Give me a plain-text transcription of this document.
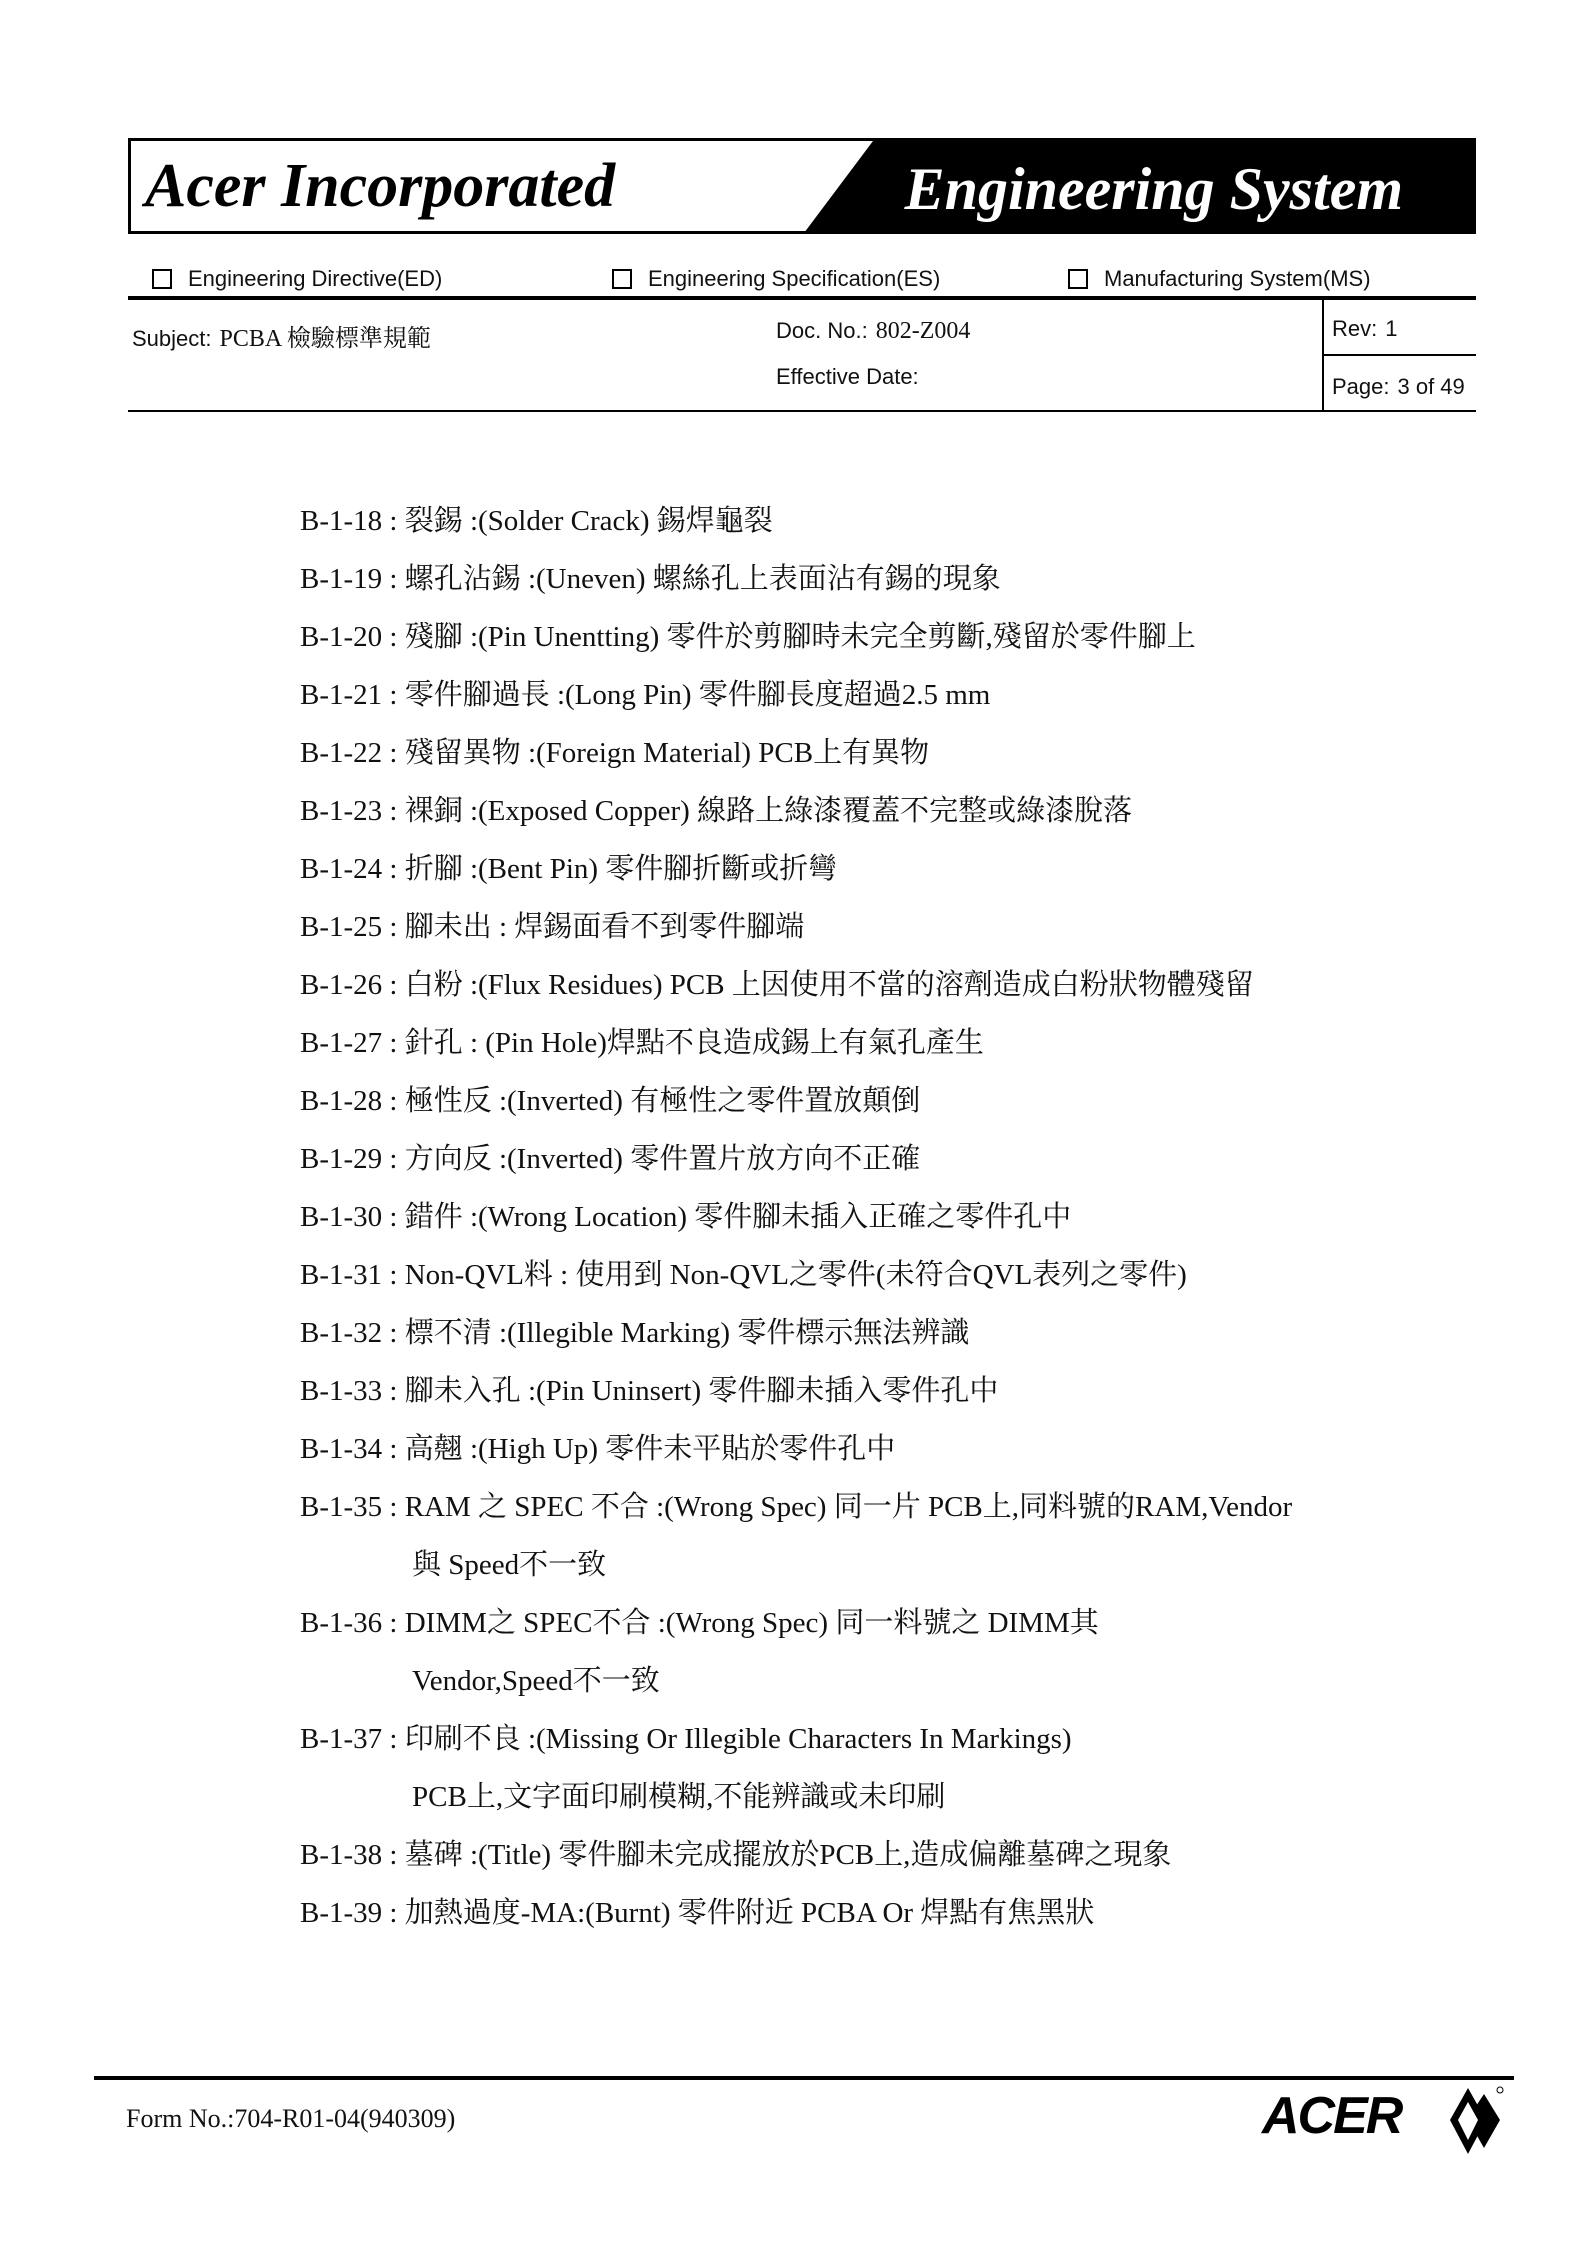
Acer Incorporated	Engineering System
Engineering Directive(ED)	Engineering Specification(ES)	Manufacturing System(MS)
Subject: PCBA 檢驗標準規範	Doc. No.: 802-Z004
Effective Date:
Rev: 1
Page: 3 of 49
B-1-18 : 裂錫 :(Solder Crack) 錫焊龜裂
B-1-19 : 螺孔沾錫 :(Uneven) 螺絲孔上表面沾有錫的現象
B-1-20 : 殘腳 :(Pin Unentting) 零件於剪腳時未完全剪斷,殘留於零件腳上
B-1-21 : 零件腳過長 :(Long Pin) 零件腳長度超過2.5 mm
B-1-22 : 殘留異物 :(Foreign Material) PCB上有異物
B-1-23 : 裸銅 :(Exposed Copper) 線路上綠漆覆蓋不完整或綠漆脫落
B-1-24 : 折腳 :(Bent Pin) 零件腳折斷或折彎
B-1-25 : 腳未出 : 焊錫面看不到零件腳端
B-1-26 : 白粉 :(Flux Residues) PCB 上因使用不當的溶劑造成白粉狀物體殘留
B-1-27 : 針孔 : (Pin Hole)焊點不良造成錫上有氣孔產生
B-1-28 : 極性反 :(Inverted) 有極性之零件置放顛倒
B-1-29 : 方向反 :(Inverted) 零件置片放方向不正確
B-1-30 : 錯件 :(Wrong Location) 零件腳未插入正確之零件孔中
B-1-31 : Non-QVL料 : 使用到 Non-QVL之零件(未符合QVL表列之零件)
B-1-32 : 標不清 :(Illegible Marking) 零件標示無法辨識
B-1-33 : 腳未入孔 :(Pin Uninsert) 零件腳未插入零件孔中
B-1-34 : 高翹 :(High Up) 零件未平貼於零件孔中
B-1-35 : RAM 之 SPEC 不合 :(Wrong Spec) 同一片 PCB上,同料號的RAM,Vendor
與 Speed不一致
B-1-36 : DIMM之 SPEC不合 :(Wrong Spec) 同一料號之 DIMM其
Vendor,Speed不一致
B-1-37 : 印刷不良 :(Missing Or Illegible Characters In Markings)
PCB上,文字面印刷模糊,不能辨識或未印刷
B-1-38 : 墓碑 :(Title) 零件腳未完成擺放於PCB上,造成偏離墓碑之現象
B-1-39 : 加熱過度-MA:(Burnt) 零件附近 PCBA Or 焊點有焦黑狀
Form No.:704-R01-04(940309)	ACER
